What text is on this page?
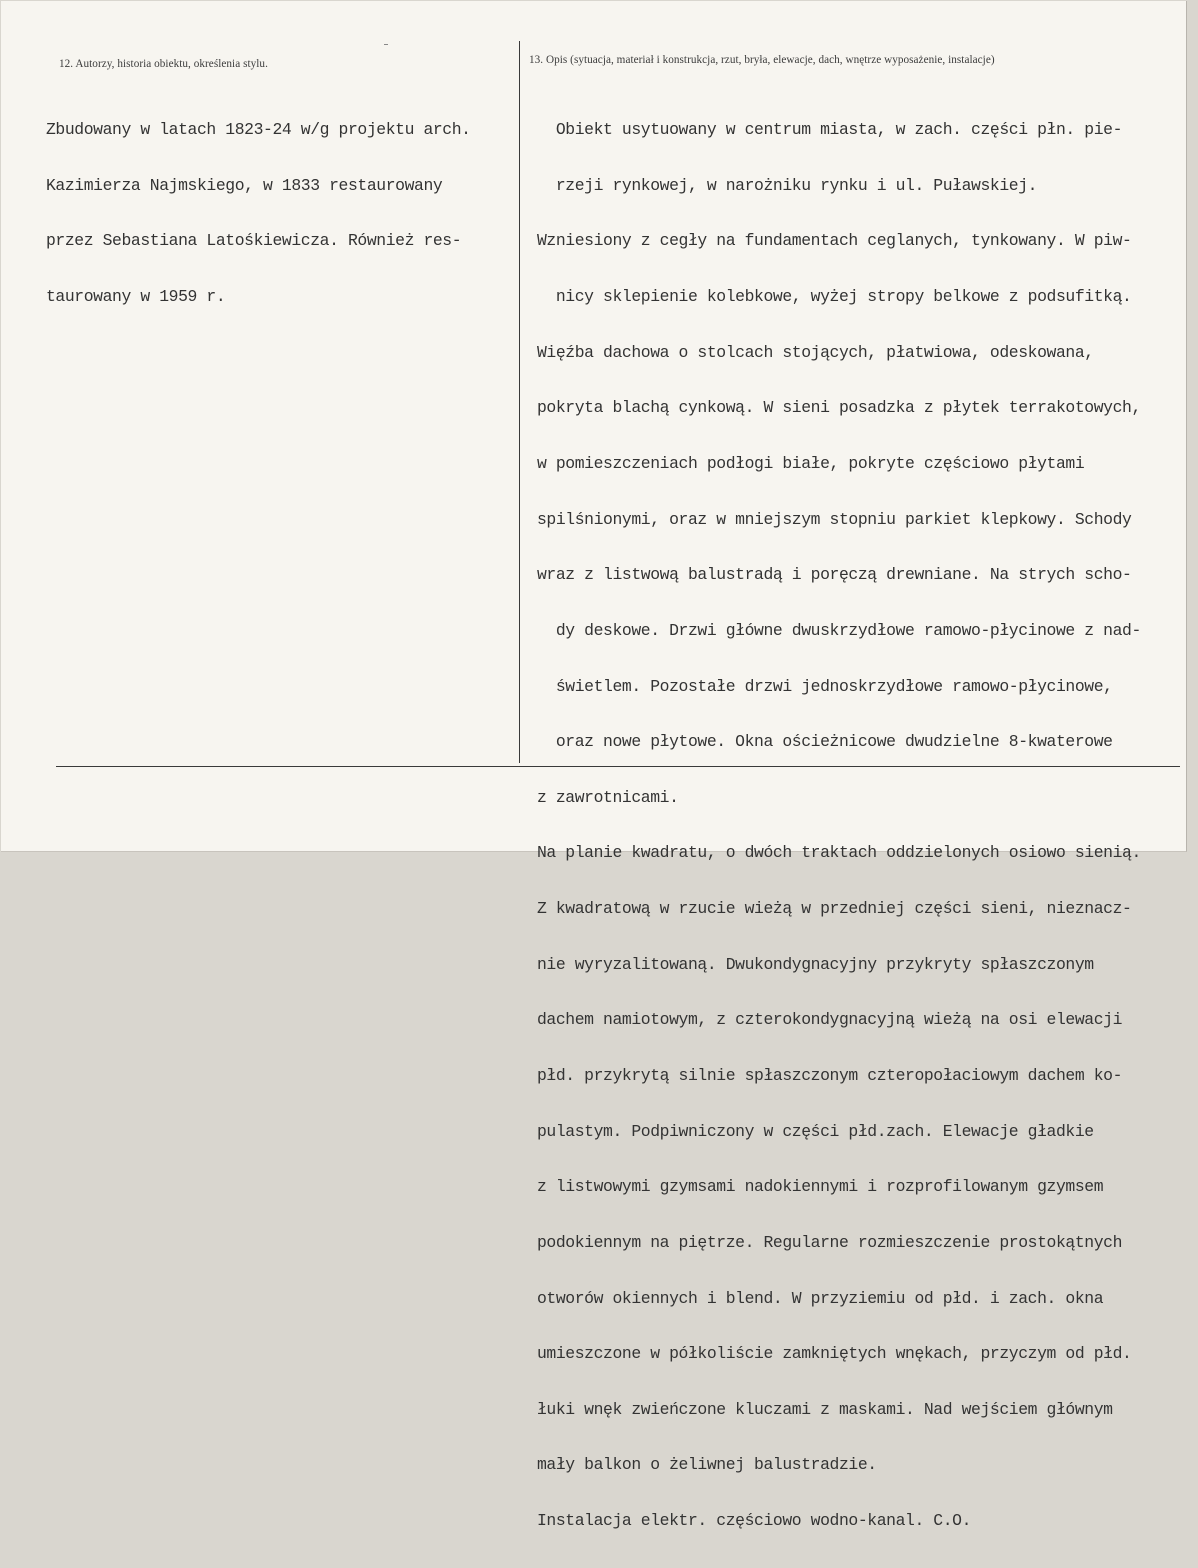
12. Autorzy, historia obiektu, określenia stylu.	13. Opis (sytuacja, materiał i konstrukcja, rzut, bryła, elewacje, dach, wnętrze wyposażenie, instalacje)

Zbudowany w latach 1823-24 w/g projektu arch.

Kazimierza Najmskiego, w 1833 restaurowany

przez Sebastiana Latośkiewicza. Również res-

taurowany w 1959 r.

Obiekt usytuowany w centrum miasta, w zach. części płn. pie-

rzeji rynkowej, w narożniku rynku i ul. Puławskiej.

Wzniesiony z cegły na fundamentach ceglanych, tynkowany. W piw-

nicy sklepienie kolebkowe, wyżej stropy belkowe z podsufitką.

Więźba dachowa o stolcach stojących, płatwiowa, odeskowana,

pokryta blachą cynkową. W sieni posadzka z płytek terrakotowych,

w pomieszczeniach podłogi białe, pokryte częściowo płytami

spilśnionymi, oraz w mniejszym stopniu parkiet klepkowy. Schody

wraz z listwową balustradą i poręczą drewniane. Na strych scho-

dy deskowe. Drzwi główne dwuskrzydłowe ramowo-płycinowe z nad-

świetlem. Pozostałe drzwi jednoskrzydłowe ramowo-płycinowe,

oraz nowe płytowe. Okna ościeżnicowe dwudzielne 8-kwaterowe

z zawrotnicami.

Na planie kwadratu, o dwóch traktach oddzielonych osiowo sienią.

Z kwadratową w rzucie wieżą w przedniej części sieni, nieznacz-

nie wyryzalitowaną. Dwukondygnacyjny przykryty spłaszczonym

dachem namiotowym, z czterokondygnacyjną wieżą na osi elewacji

płd. przykrytą silnie spłaszczonym czteropołaciowym dachem ko-

pulastym. Podpiwniczony w części płd.zach. Elewacje gładkie

z listwowymi gzymsami nadokiennymi i rozprofilowanym gzymsem

podokiennym na piętrze. Regularne rozmieszczenie prostokątnych

otworów okiennych i blend. W przyziemiu od płd. i zach. okna

umieszczone w półkoliście zamkniętych wnękach, przyczym od płd.

łuki wnęk zwieńczone kluczami z maskami. Nad wejściem głównym

mały balkon o żeliwnej balustradzie.

Instalacja elektr. częściowo wodno-kanal. C.O.
